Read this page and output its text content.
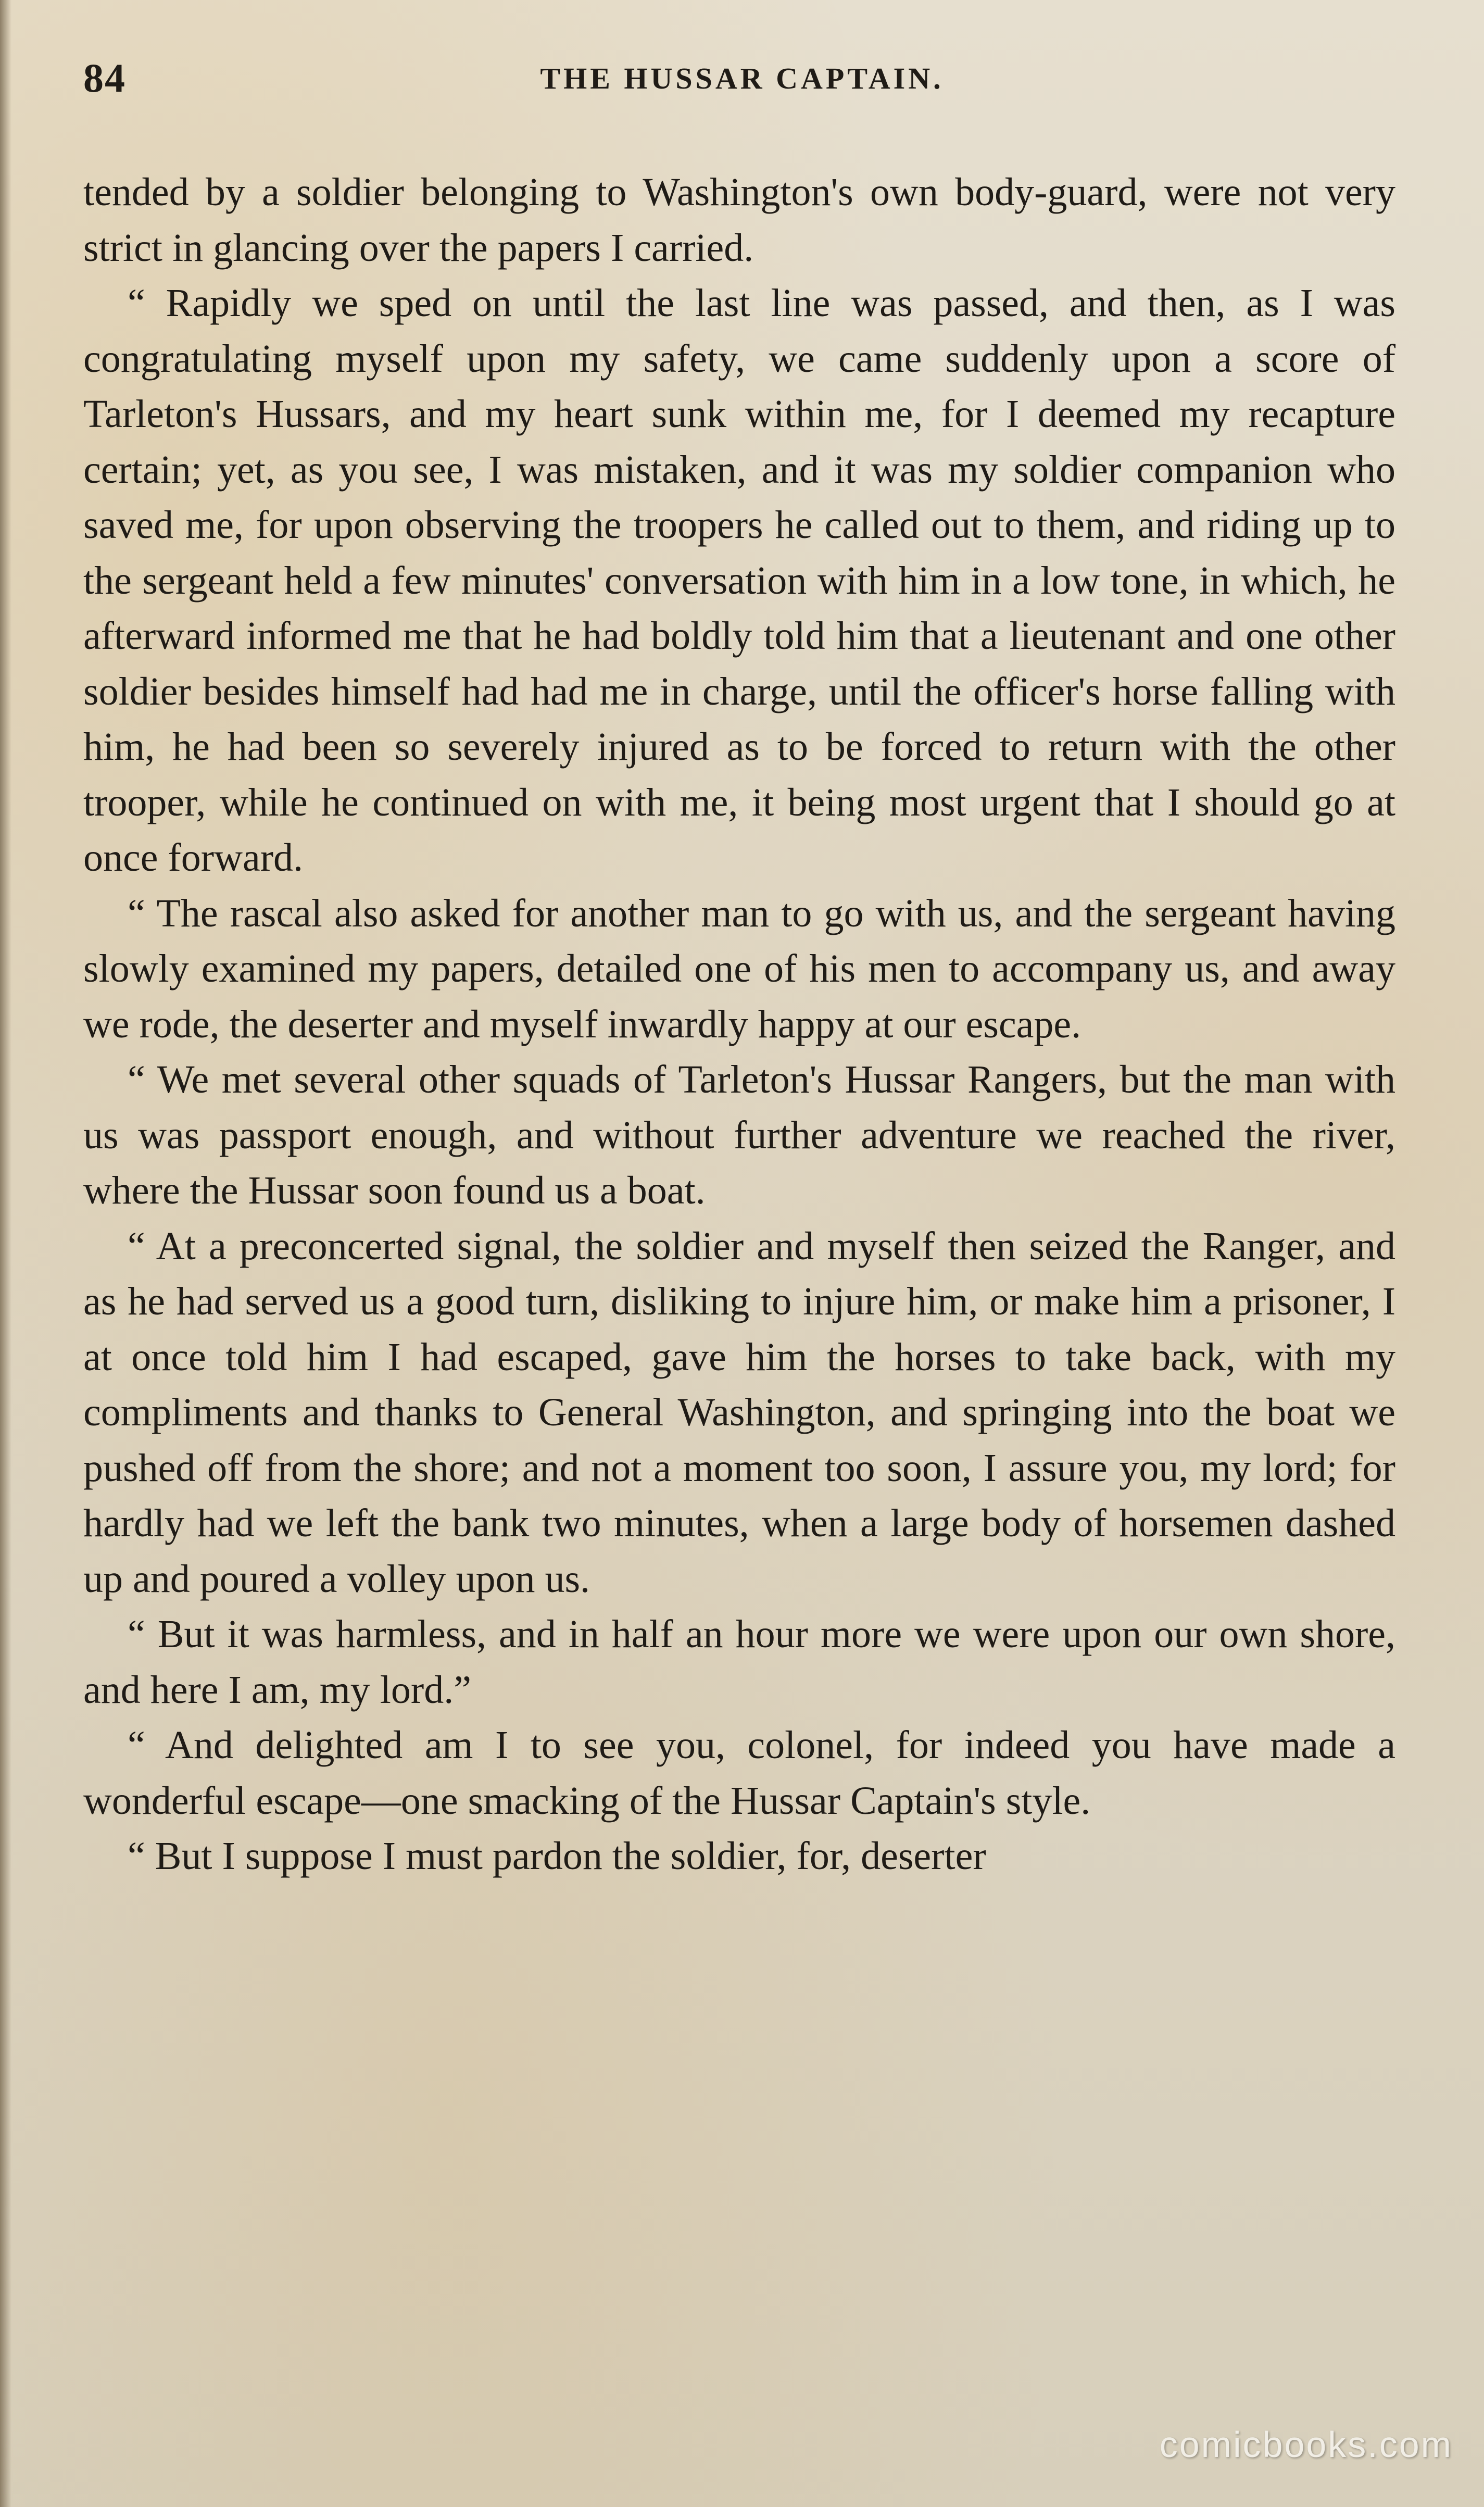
84	THE HUSSAR CAPTAIN.

tended by a soldier belonging to Washington's own body-guard, were not very strict in glancing over the papers I carried.

“ Rapidly we sped on until the last line was passed, and then, as I was congratulating myself upon my safety, we came suddenly upon a score of Tarleton's Hussars, and my heart sunk within me, for I deemed my recapture certain; yet, as you see, I was mistaken, and it was my soldier companion who saved me, for upon observing the troopers he called out to them, and riding up to the sergeant held a few minutes' conversation with him in a low tone, in which, he afterward informed me that he had boldly told him that a lieutenant and one other soldier besides himself had had me in charge, until the officer's horse falling with him, he had been so severely injured as to be forced to return with the other trooper, while he continued on with me, it being most urgent that I should go at once forward.

“ The rascal also asked for another man to go with us, and the sergeant having slowly examined my papers, detailed one of his men to accompany us, and away we rode, the deserter and myself inwardly happy at our escape.

“ We met several other squads of Tarleton's Hussar Rangers, but the man with us was passport enough, and without further adventure we reached the river, where the Hussar soon found us a boat.

“ At a preconcerted signal, the soldier and myself then seized the Ranger, and as he had served us a good turn, disliking to injure him, or make him a prisoner, I at once told him I had escaped, gave him the horses to take back, with my compliments and thanks to General Washington, and springing into the boat we pushed off from the shore; and not a moment too soon, I assure you, my lord; for hardly had we left the bank two minutes, when a large body of horsemen dashed up and poured a volley upon us.

“ But it was harmless, and in half an hour more we were upon our own shore, and here I am, my lord.”

“ And delighted am I to see you, colonel, for indeed you have made a wonderful escape—one smacking of the Hussar Captain's style.

“ But I suppose I must pardon the soldier, for, deserter

comicbooks.com
